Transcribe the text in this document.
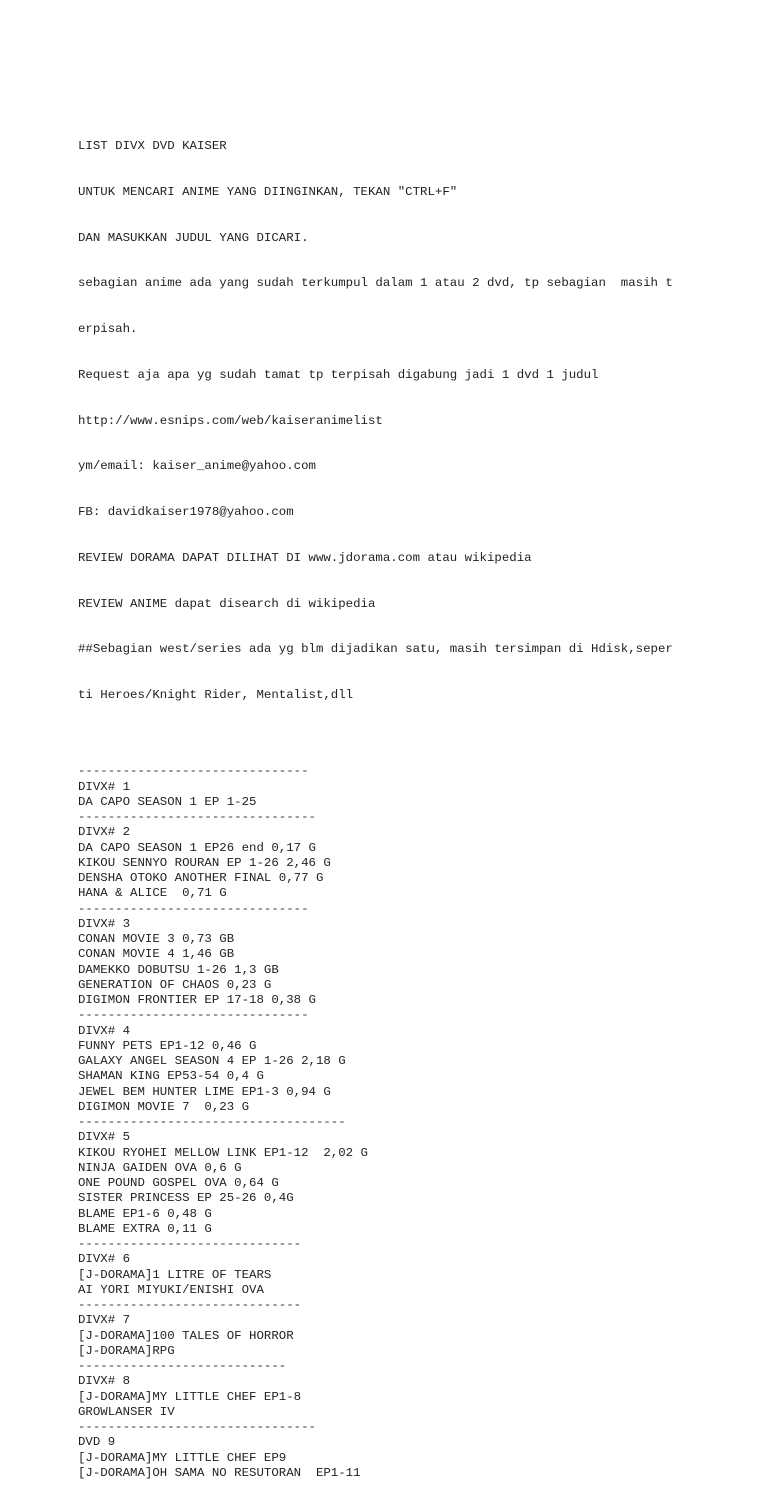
LIST DIVX DVD KAISER

UNTUK MENCARI ANIME YANG DIINGINKAN, TEKAN "CTRL+F"

DAN MASUKKAN JUDUL YANG DICARI.

sebagian anime ada yang sudah terkumpul dalam 1 atau 2 dvd, tp sebagian  masih t

erpisah.

Request aja apa yg sudah tamat tp terpisah digabung jadi 1 dvd 1 judul

http://www.esnips.com/web/kaiseranimelist

ym/email: kaiser_anime@yahoo.com

FB: davidkaiser1978@yahoo.com

REVIEW DORAMA DAPAT DILIHAT DI www.jdorama.com atau wikipedia

REVIEW ANIME dapat disearch di wikipedia

##Sebagian west/series ada yg blm dijadikan satu, masih tersimpan di Hdisk,seper

ti Heroes/Knight Rider, Mentalist,dll

-------------------------------
DIVX# 1
DA CAPO SEASON 1 EP 1-25
--------------------------------
DIVX# 2
DA CAPO SEASON 1 EP26 end 0,17 G
KIKOU SENNYO ROURAN EP 1-26 2,46 G
DENSHA OTOKO ANOTHER FINAL 0,77 G
HANA & ALICE  0,71 G
-------------------------------
DIVX# 3
CONAN MOVIE 3 0,73 GB
CONAN MOVIE 4 1,46 GB
DAMEKKO DOBUTSU 1-26 1,3 GB
GENERATION OF CHAOS 0,23 G
DIGIMON FRONTIER EP 17-18 0,38 G
-------------------------------
DIVX# 4
FUNNY PETS EP1-12 0,46 G
GALAXY ANGEL SEASON 4 EP 1-26 2,18 G
SHAMAN KING EP53-54 0,4 G
JEWEL BEM HUNTER LIME EP1-3 0,94 G
DIGIMON MOVIE 7  0,23 G
------------------------------------
DIVX# 5
KIKOU RYOHEI MELLOW LINK EP1-12  2,02 G
NINJA GAIDEN OVA 0,6 G
ONE POUND GOSPEL OVA 0,64 G
SISTER PRINCESS EP 25-26 0,4G
BLAME EP1-6 0,48 G
BLAME EXTRA 0,11 G
------------------------------
DIVX# 6
[J-DORAMA]1 LITRE OF TEARS
AI YORI MIYUKI/ENISHI OVA
------------------------------
DIVX# 7
[J-DORAMA]100 TALES OF HORROR
[J-DORAMA]RPG
----------------------------
DIVX# 8
[J-DORAMA]MY LITTLE CHEF EP1-8
GROWLANSER IV
--------------------------------
DVD 9
[J-DORAMA]MY LITTLE CHEF EP9
[J-DORAMA]OH SAMA NO RESUTORAN  EP1-11
